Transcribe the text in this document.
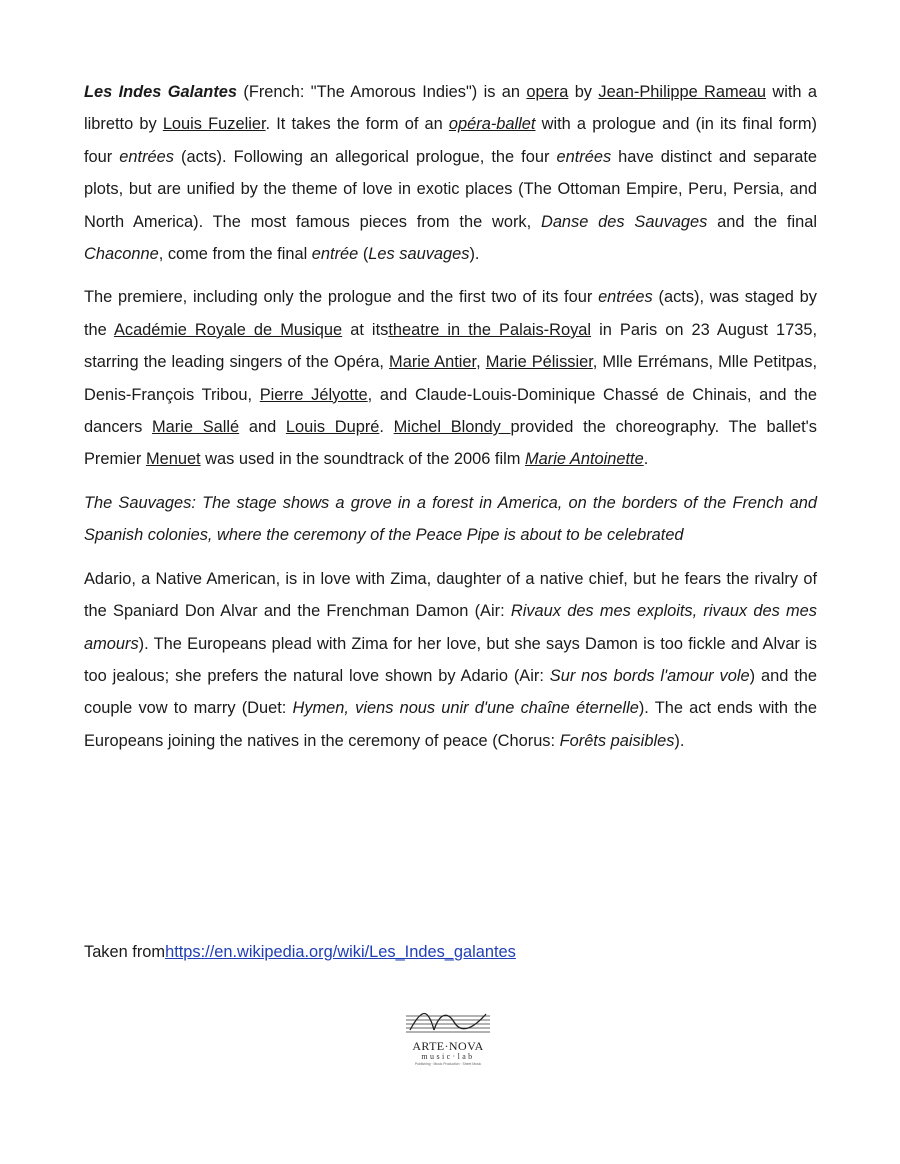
Les Indes Galantes (French: "The Amorous Indies") is an opera by Jean-Philippe Rameau with a libretto by Louis Fuzelier. It takes the form of an opéra-ballet with a prologue and (in its final form) four entrées (acts). Following an allegorical prologue, the four entrées have distinct and separate plots, but are unified by the theme of love in exotic places (The Ottoman Empire, Peru, Persia, and North America). The most famous pieces from the work, Danse des Sauvages and the final Chaconne, come from the final entrée (Les sauvages).

The premiere, including only the prologue and the first two of its four entrées (acts), was staged by the Académie Royale de Musique at itstheatre in the Palais-Royal in Paris on 23 August 1735, starring the leading singers of the Opéra, Marie Antier, Marie Pélissier, Mlle Errémans, Mlle Petitpas, Denis-François Tribou, Pierre Jélyotte, and Claude-Louis-Dominique Chassé de Chinais, and the dancers Marie Sallé and Louis Dupré. Michel Blondy provided the choreography. The ballet's Premier Menuet was used in the soundtrack of the 2006 film Marie Antoinette.

The Sauvages: The stage shows a grove in a forest in America, on the borders of the French and Spanish colonies, where the ceremony of the Peace Pipe is about to be celebrated

Adario, a Native American, is in love with Zima, daughter of a native chief, but he fears the rivalry of the Spaniard Don Alvar and the Frenchman Damon (Air: Rivaux des mes exploits, rivaux des mes amours). The Europeans plead with Zima for her love, but she says Damon is too fickle and Alvar is too jealous; she prefers the natural love shown by Adario (Air: Sur nos bords l'amour vole) and the couple vow to marry (Duet: Hymen, viens nous unir d'une chaîne éternelle). The act ends with the Europeans joining the natives in the ceremony of peace (Chorus: Forêts paisibles).

Taken fromhttps://en.wikipedia.org/wiki/Les_Indes_galantes
ARTE·NOVA
music·lab
Publishing · Music Production · Sheet Music
